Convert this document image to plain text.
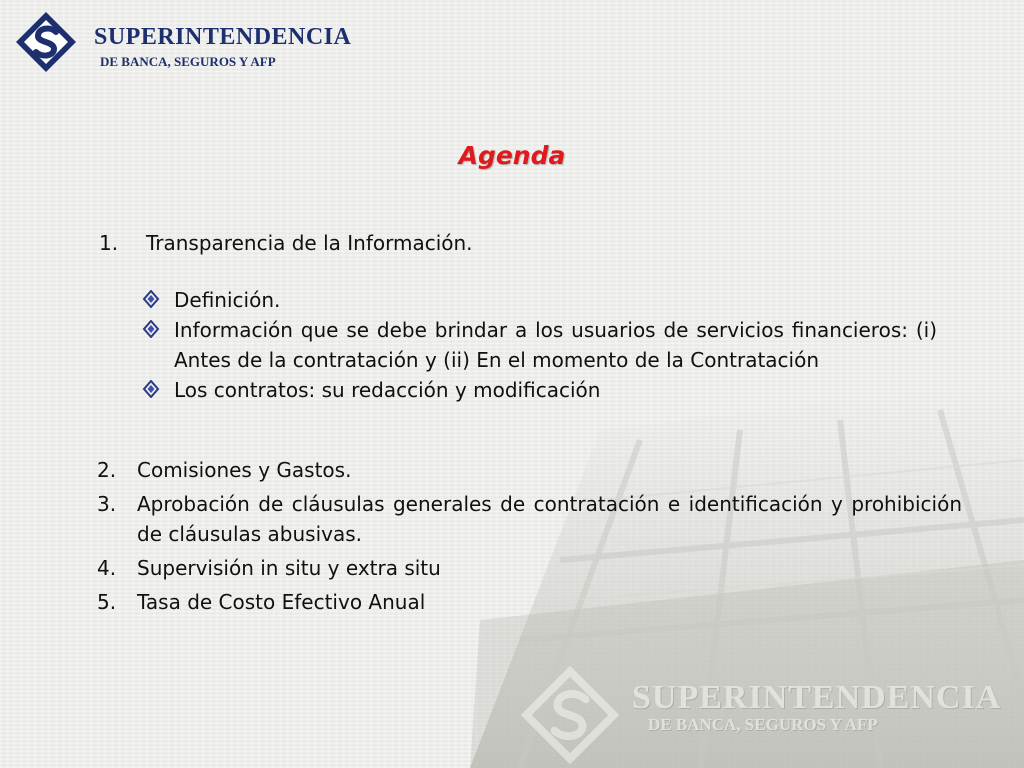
SUPERINTENDENCIA
DE BANCA, SEGUROS Y AFP
SUPERINTENDENCIA
DE BANCA, SEGUROS Y AFP
Agenda
1. Transparencia de la Información.
Definición.
Información que se debe brindar a los usuarios de servicios financieros: (i) Antes de la contratación y (ii) En el momento de la Contratación
Los contratos: su redacción y modificación
2. Comisiones y Gastos.
3. Aprobación de cláusulas generales de contratación e identificación y prohibición de cláusulas abusivas.
4. Supervisión in situ y extra situ
5. Tasa de Costo Efectivo Anual
